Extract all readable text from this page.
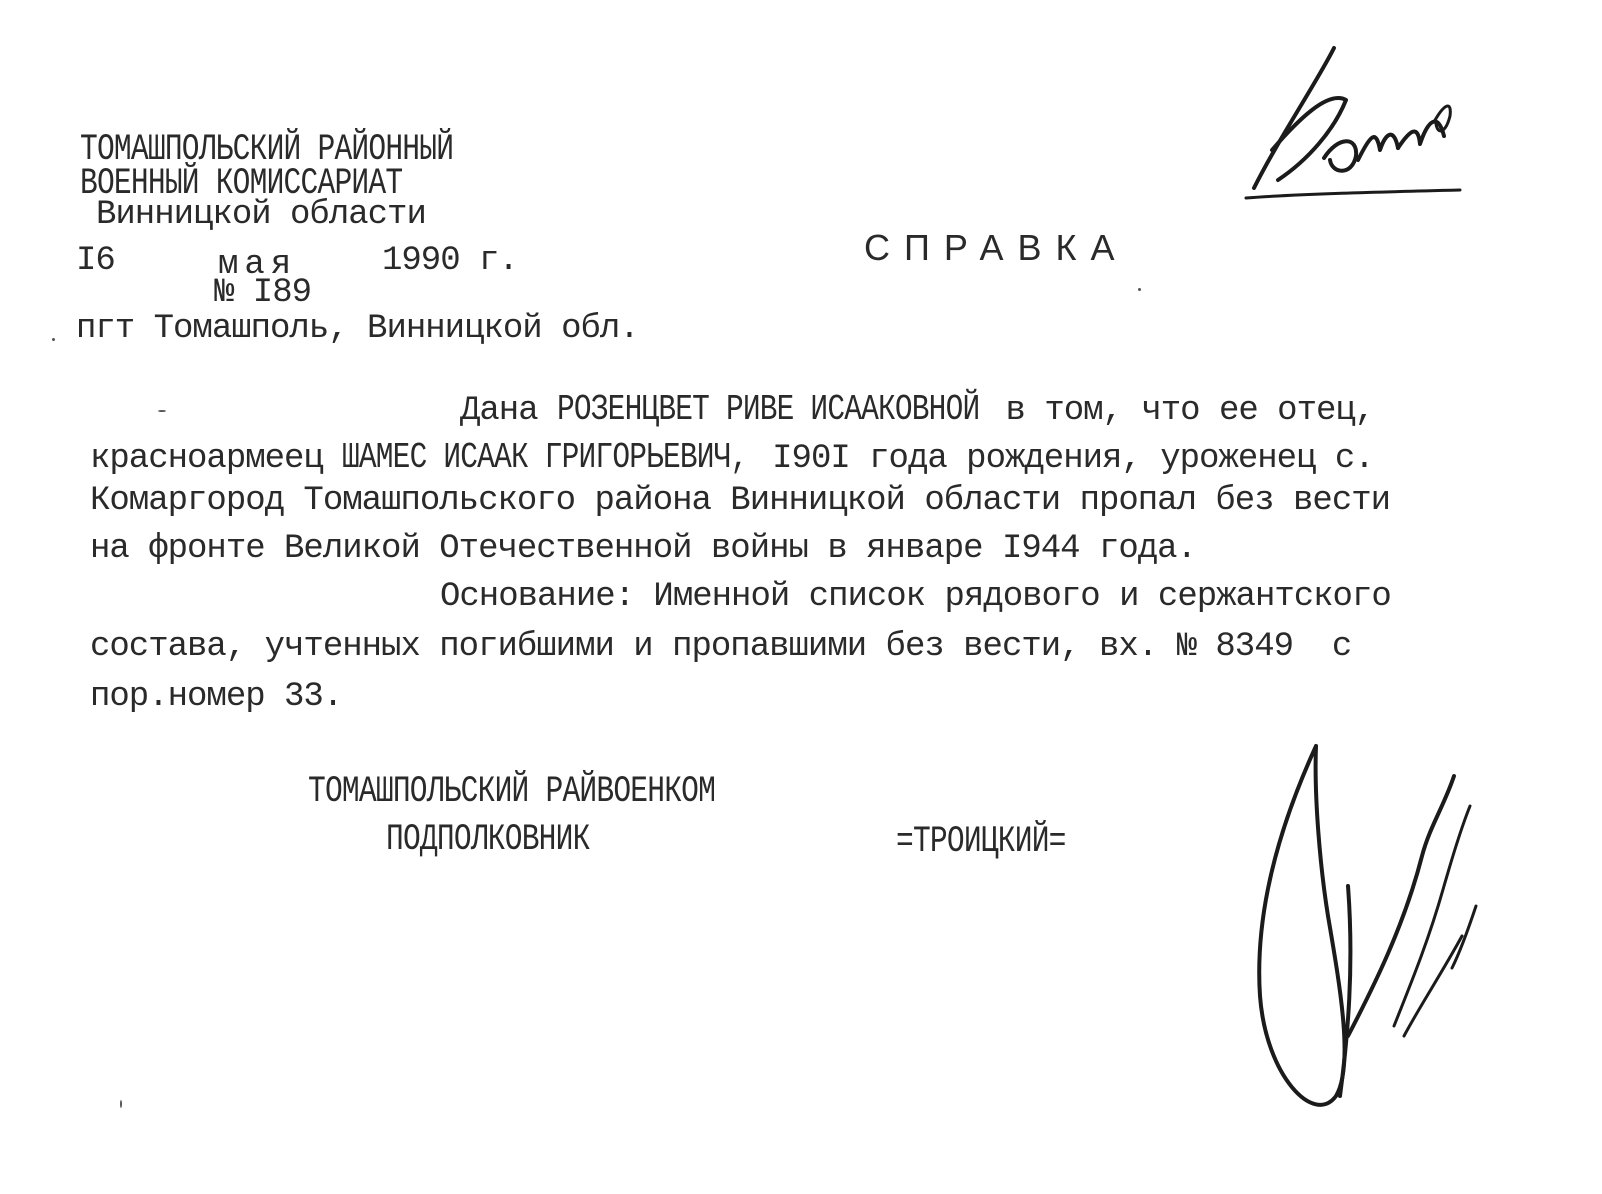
ТОМАШПОЛЬСКИЙ РАЙОННЫЙ
ВОЕННЫЙ КОМИССАРИАТ
Винницкой области
I6	мая 1990 г.
№ I89
пгт Томашполь, Винницкой обл.
СПРАВКА
Дана РОЗЕНЦВЕТ РИВЕ ИСААКОВНОЙ в том, что ее отец,
красноармеец ШАМЕС ИСААК ГРИГОРЬЕВИЧ, I90I года рождения, уроженец с.
Комаргород Томашпольского района Винницкой области пропал без вести
на фронте Великой Отечественной войны в январе I944 года.
Основание: Именной список рядового и сержантского
состава, учтенных погибшими и пропавшими без вести, вх. № 8349  с
пор.номер 33.
ТОМАШПОЛЬСКИЙ РАЙВОЕНКОМ
ПОДПОЛКОВНИК	=ТРОИЦКИЙ=
